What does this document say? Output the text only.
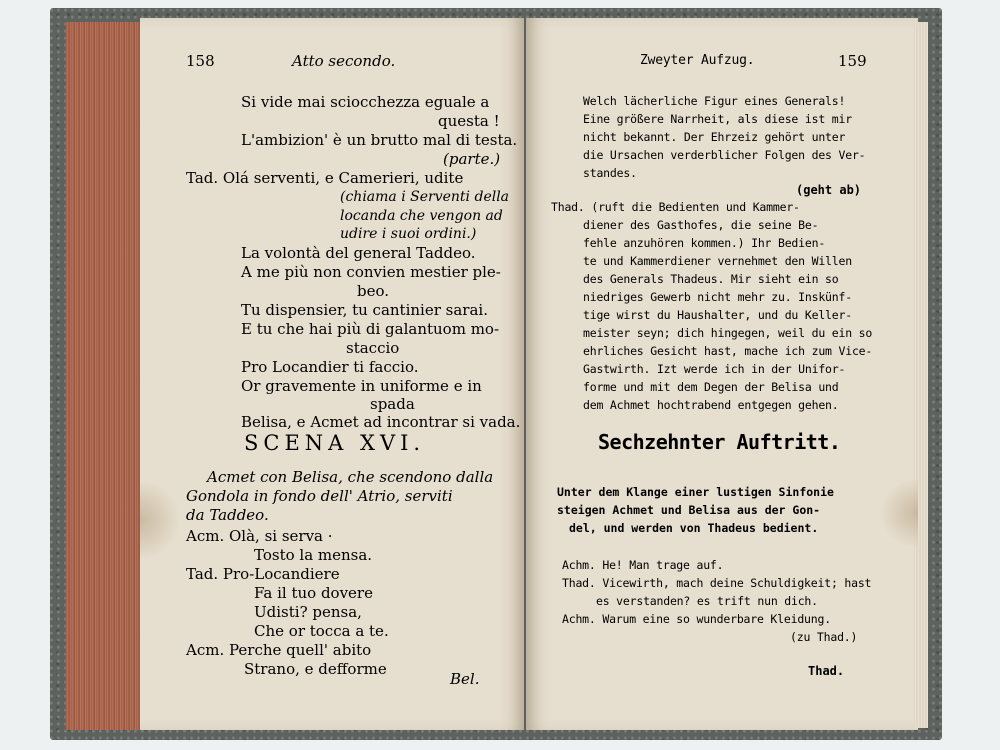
158	Atto secondo.
Si vide mai sciocchezza eguale a
questa !
L'ambizion' è un brutto mal di testa.
(parte.)
Tad. Olá serventi, e Camerieri, udite
(chiama i Serventi della
locanda che vengon ad
udire i suoi ordini.)
La volontà del general Taddeo.
A me più non convien mestier ple-
beo.
Tu dispensier, tu cantinier sarai.
E tu che hai più di galantuom mo-
staccio
Pro Locandier ti faccio.
Or gravemente in uniforme e in
spada
Belisa, e Acmet ad incontrar si vada.
SCENA XVI.
Acmet con Belisa, che scendono dalla
Gondola in fondo dell' Atrio, serviti
da Taddeo.
Acm. Olà, si serva ·
Tosto la mensa.
Tad. Pro-Locandiere
Fa il tuo dovere
Udisti? pensa,
Che or tocca a te.
Acm. Perche quell' abito
Strano, e defforme
Bel.
Zweyter Aufzug.	159
Welch lächerliche Figur eines Generals!
Eine größere Narrheit, als diese ist mir
nicht bekannt. Der Ehrzeiz gehört unter
die Ursachen verderblicher Folgen des Ver-
standes.
(geht ab)
Thad. (ruft die Bedienten und Kammer-
diener des Gasthofes, die seine Be-
fehle anzuhören kommen.) Ihr Bedien-
te und Kammerdiener vernehmet den Willen
des Generals Thadeus. Mir sieht ein so
niedriges Gewerb nicht mehr zu. Inskünf-
tige wirst du Haushalter, und du Keller-
meister seyn; dich hingegen, weil du ein so
ehrliches Gesicht hast, mache ich zum Vice-
Gastwirth. Izt werde ich in der Unifor-
forme und mit dem Degen der Belisa und
dem Achmet hochtrabend entgegen gehen.
Sechzehnter Auftritt.
Unter dem Klange einer lustigen Sinfonie
steigen Achmet und Belisa aus der Gon-
del, und werden von Thadeus bedient.
Achm. He! Man trage auf.
Thad. Vicewirth, mach deine Schuldigkeit; hast
es verstanden? es trift nun dich.
Achm. Warum eine so wunderbare Kleidung.
(zu Thad.)
Thad.
